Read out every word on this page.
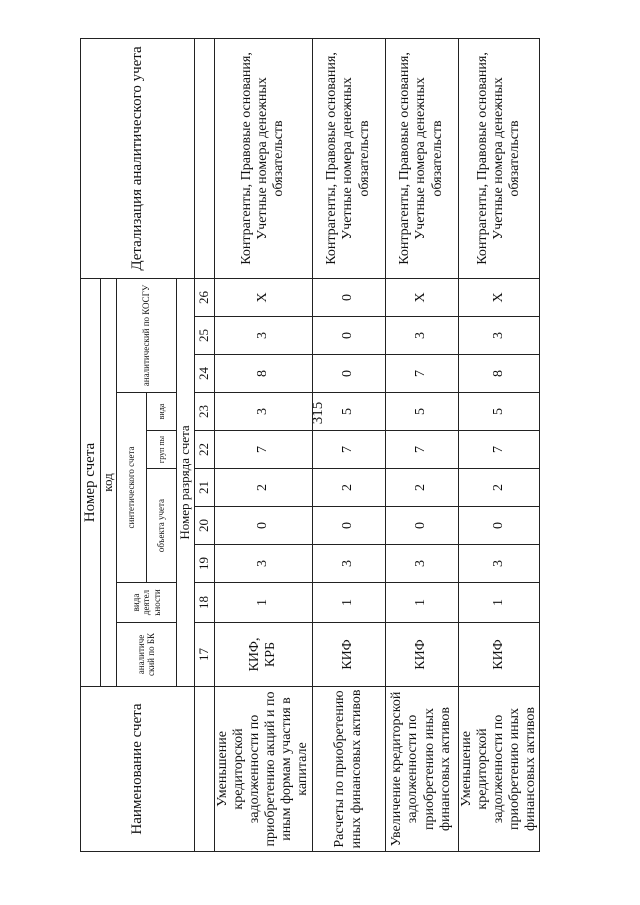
315
Наименование счета	Номер счета										Детализация аналитического учета
	код										
	аналитиче ский по БК	вида деятел ьности	синтетического счета					аналитический по КОСГУ			
			объекта учета			груп пы	вида				
	Номер разряда счета										
	17	18	19	20	21	22	23	24	25	26	
Уменьшение кредиторской задолженности по приобретению акций и по иным формам участия в капитале	КИФ, КРБ	1	3	0	2	7	3	8	3	Х	Контрагенты, Правовые основания, Учетные номера денежных обязательств
Расчеты по приобретению иных финансовых активов	КИФ	1	3	0	2	7	5	0	0	0	Контрагенты, Правовые основания, Учетные номера денежных обязательств
Увеличение кредиторской задолженности по приобретению иных финансовых активов	КИФ	1	3	0	2	7	5	7	3	Х	Контрагенты, Правовые основания, Учетные номера денежных обязательств
Уменьшение кредиторской задолженности по приобретению иных финансовых активов	КИФ	1	3	0	2	7	5	8	3	Х	Контрагенты, Правовые основания, Учетные номера денежных обязательств
